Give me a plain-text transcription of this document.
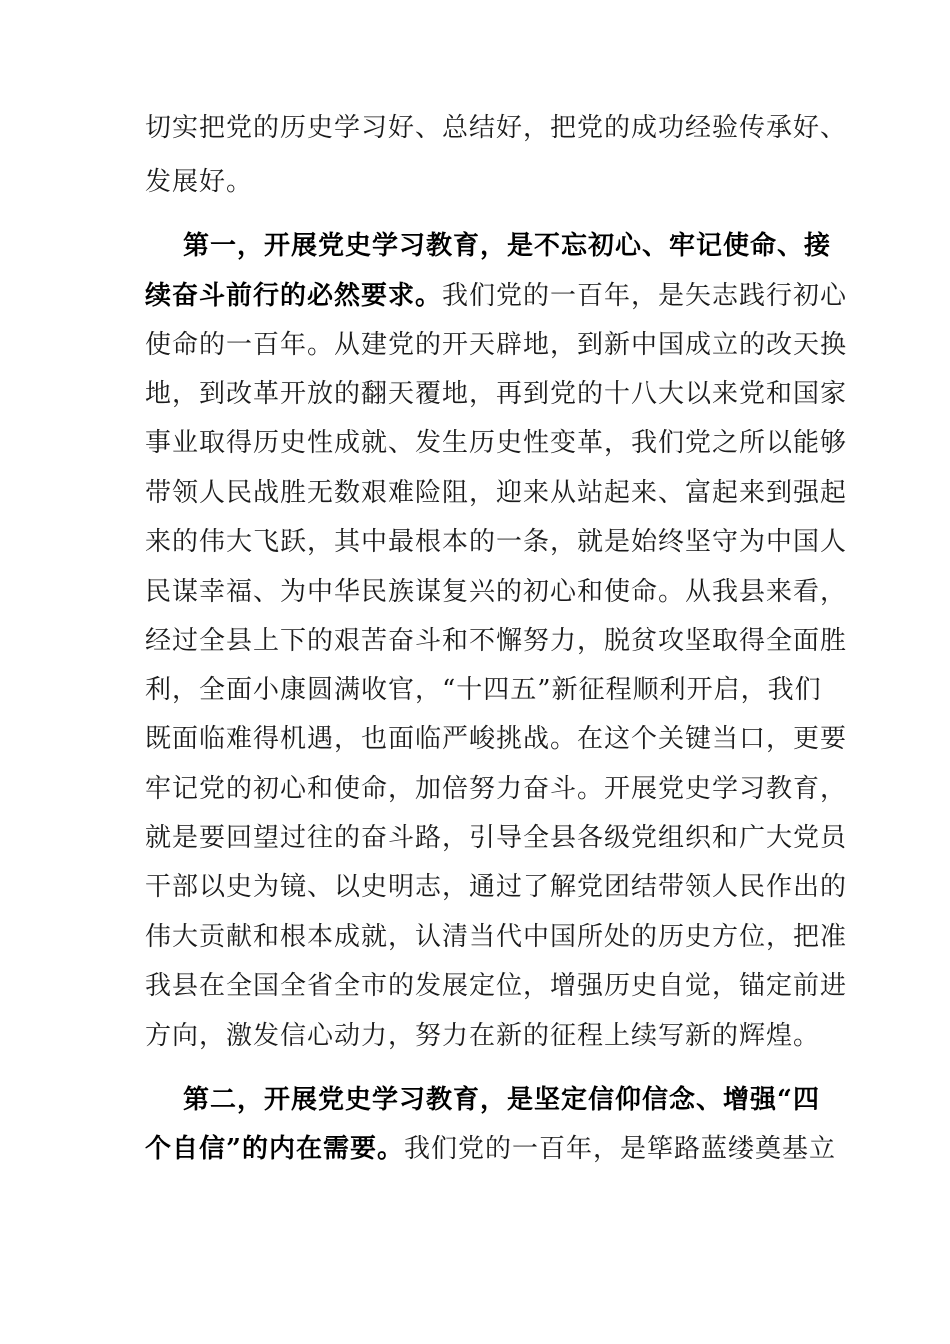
切实把党的历史学习好、总结好，把党的成功经验传承好、
发展好。
第一，开展党史学习教育，是不忘初心、牢记使命、接
续奋斗前行的必然要求。我们党的一百年，是矢志践行初心
使命的一百年。从建党的开天辟地，到新中国成立的改天换
地，到改革开放的翻天覆地，再到党的十八大以来党和国家
事业取得历史性成就、发生历史性变革，我们党之所以能够
带领人民战胜无数艰难险阻，迎来从站起来、富起来到强起
来的伟大飞跃，其中最根本的一条，就是始终坚守为中国人
民谋幸福、为中华民族谋复兴的初心和使命。从我县来看，
经过全县上下的艰苦奋斗和不懈努力，脱贫攻坚取得全面胜
利，全面小康圆满收官，“十四五”新征程顺利开启，我们
既面临难得机遇，也面临严峻挑战。在这个关键当口，更要
牢记党的初心和使命，加倍努力奋斗。开展党史学习教育，
就是要回望过往的奋斗路，引导全县各级党组织和广大党员
干部以史为镜、以史明志，通过了解党团结带领人民作出的
伟大贡献和根本成就，认清当代中国所处的历史方位，把准
我县在全国全省全市的发展定位，增强历史自觉，锚定前进
方向，激发信心动力，努力在新的征程上续写新的辉煌。
第二，开展党史学习教育，是坚定信仰信念、增强“四
个自信”的内在需要。我们党的一百年，是筚路蓝缕奠基立
